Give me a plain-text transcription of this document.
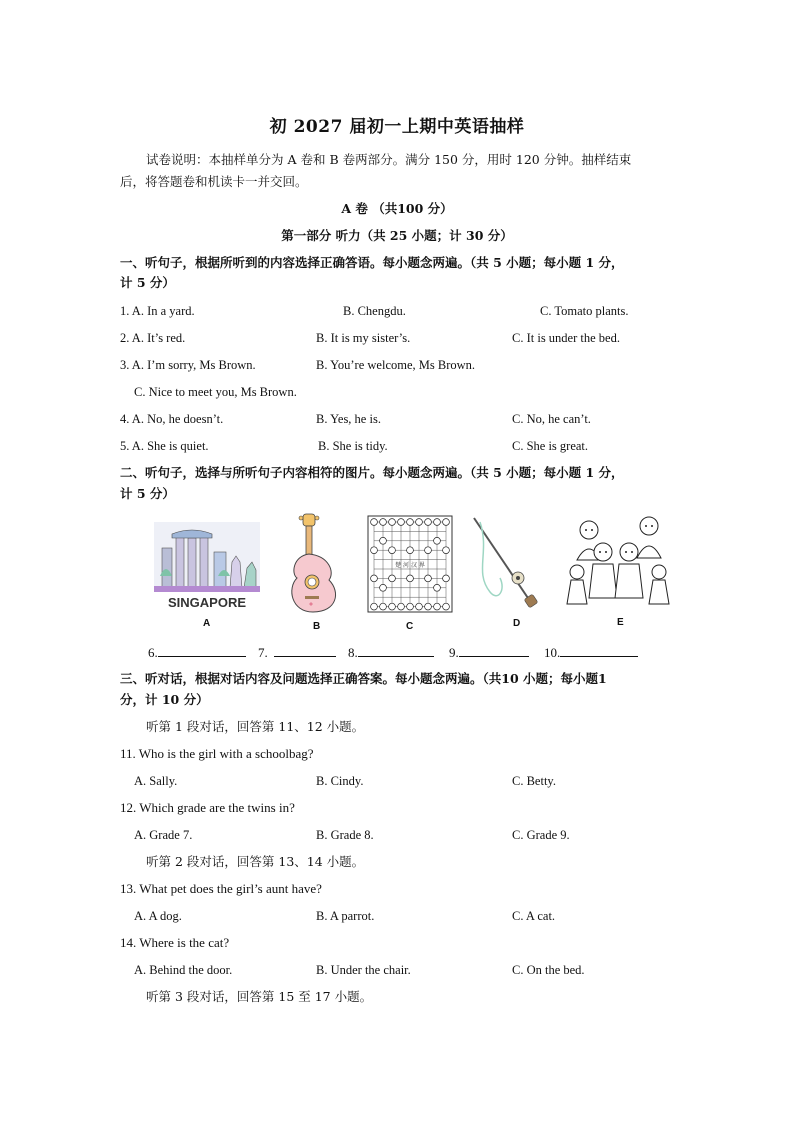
初 2027 届初一上期中英语抽样
试卷说明：本抽样单分为 A 卷和 B 卷两部分。满分 150 分，用时 120 分钟。抽样结束
后，将答题卷和机读卡一并交回。
A 卷 （共100 分）
第一部分 听力（共 25 小题；计 30 分）
一、听句子，根据所听到的内容选择正确答语。每小题念两遍。（共 5 小题；每小题 1 分，
计 5 分）
1. A. In a yard.	B. Chengdu.	C. Tomato plants.
2. A. It’s red.	B. It is my sister’s.	C. It is under the bed.
3. A. I’m sorry, Ms Brown.	B. You’re welcome, Ms Brown.
C. Nice to meet you, Ms Brown.
4. A. No, he doesn’t.	B. Yes, he is.	C. No, he can’t.
5. A. She is quiet.	B. She is tidy.	C. She is great.
二、听句子，选择与所听句子内容相符的图片。每小题念两遍。（共 5 小题；每小题 1 分，
计 5 分）
SINGAPORE
A	B
楚 河 汉 界
C	D	E
6.	7.	8.	9.	10.
三、听对话，根据对话内容及问题选择正确答案。每小题念两遍。（共10 小题；每小题1
分，计 10 分）
听第 1 段对话，回答第 11、12 小题。
11. Who is the girl with a schoolbag?
A. Sally.	B. Cindy.	C. Betty.
12. Which grade are the twins in?
A. Grade 7.	B. Grade 8.	C. Grade 9.
听第 2 段对话，回答第 13、14 小题。
13. What pet does the girl’s aunt have?
A. A dog.	B. A parrot.	C. A cat.
14. Where is the cat?
A. Behind the door.	B. Under the chair.	C. On the bed.
听第 3 段对话，回答第 15 至 17 小题。
